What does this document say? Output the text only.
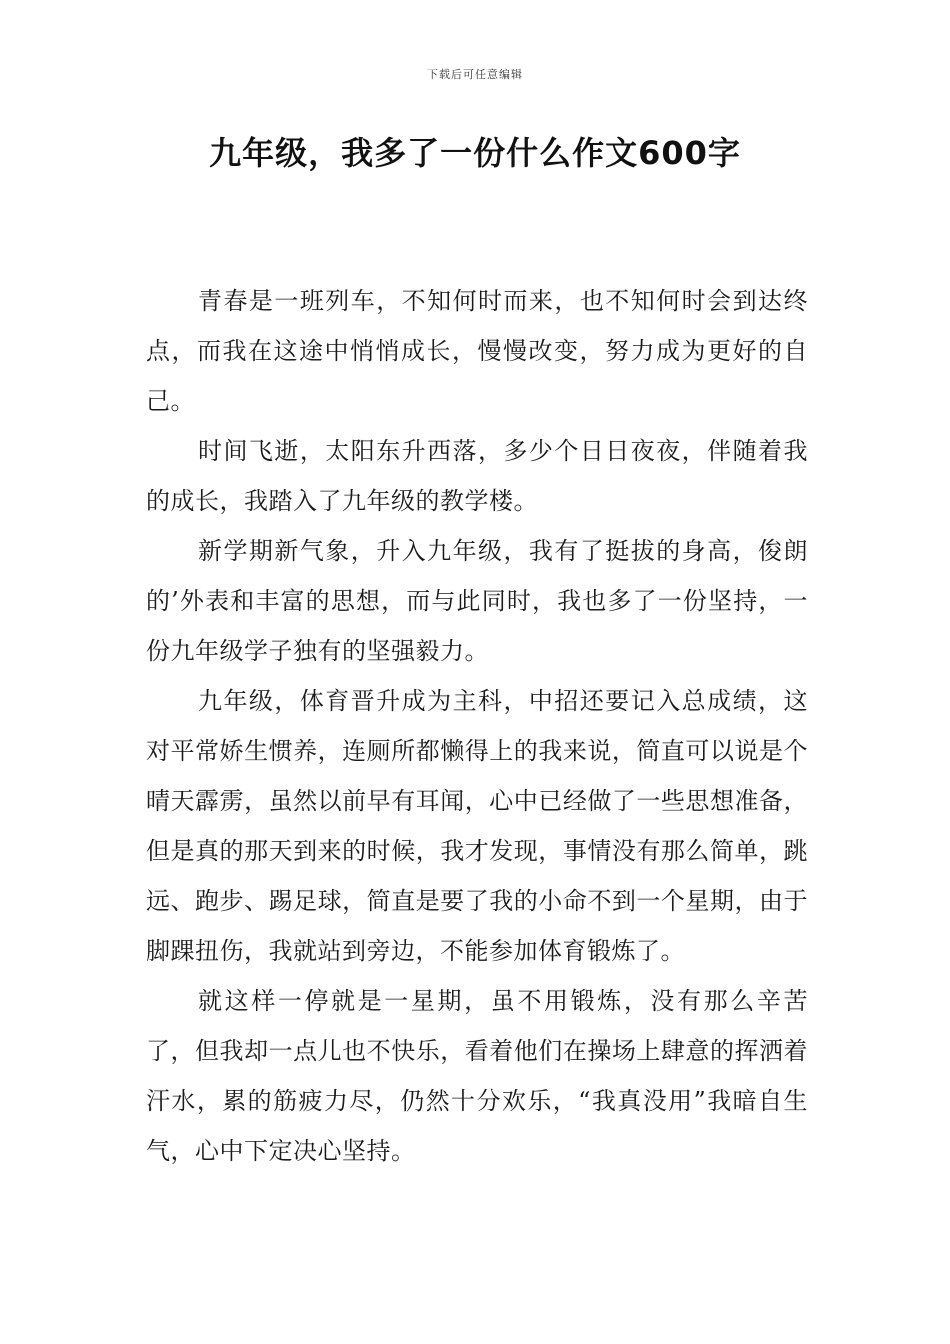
下载后可任意编辑
九年级，我多了一份什么作文600字

青春是一班列车，不知何时而来，也不知何时会到达终点，而我在这途中悄悄成长，慢慢改变，努力成为更好的自己。

时间飞逝，太阳东升西落，多少个日日夜夜，伴随着我的成长，我踏入了九年级的教学楼。

新学期新气象，升入九年级，我有了挺拔的身高，俊朗的’外表和丰富的思想，而与此同时，我也多了一份坚持，一份九年级学子独有的坚强毅力。

九年级，体育晋升成为主科，中招还要记入总成绩，这对平常娇生惯养，连厕所都懒得上的我来说，简直可以说是个晴天霹雳，虽然以前早有耳闻，心中已经做了一些思想准备，但是真的那天到来的时候，我才发现，事情没有那么简单，跳远、跑步、踢足球，简直是要了我的小命不到一个星期，由于脚踝扭伤，我就站到旁边，不能参加体育锻炼了。

就这样一停就是一星期，虽不用锻炼，没有那么辛苦了，但我却一点儿也不快乐，看着他们在操场上肆意的挥洒着汗水，累的筋疲力尽，仍然十分欢乐，“我真没用”我暗自生气，心中下定决心坚持。
